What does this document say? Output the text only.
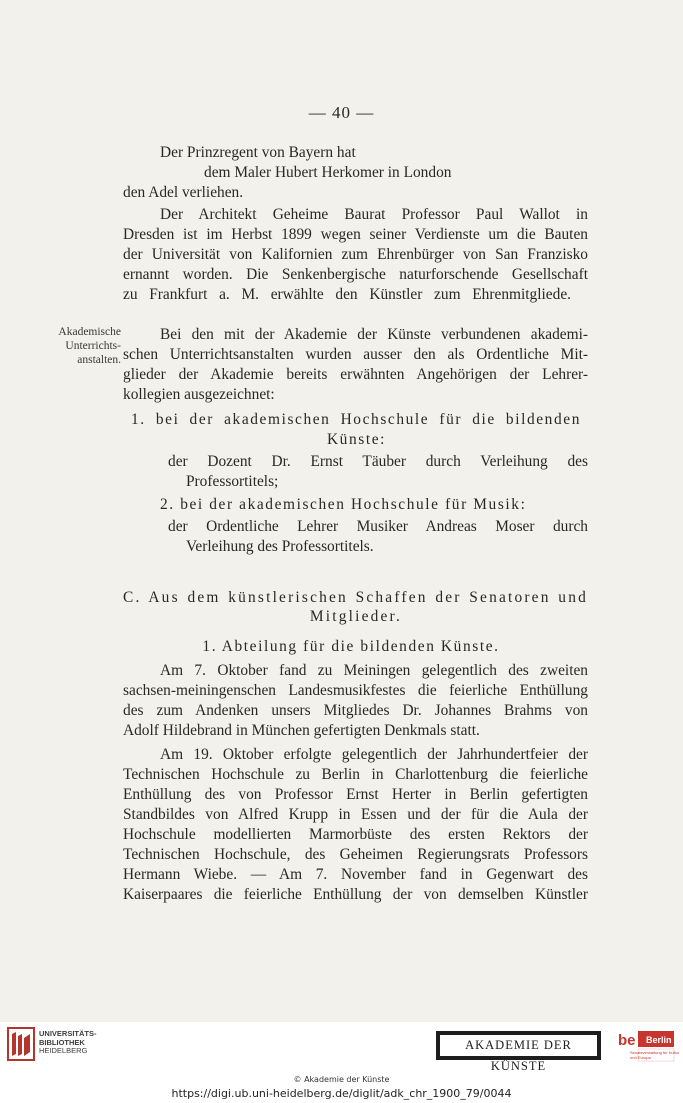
— 40 —
Der Prinzregent von Bayern hat
dem Maler Hubert Herkomer in London
den Adel verliehen.
Der Architekt Geheime Baurat Professor Paul Wallot in
Dresden ist im Herbst 1899 wegen seiner Verdienste um die Bauten
der Universität von Kalifornien zum Ehrenbürger von San Franzisko
ernannt worden. Die Senkenbergische naturforschende Gesellschaft
zu Frankfurt a. M. erwählte den Künstler zum Ehrenmitgliede.
Akademische
Unterrichts-
anstalten.
Bei den mit der Akademie der Künste verbundenen akademi-
schen Unterrichtsanstalten wurden ausser den als Ordentliche Mit-
glieder der Akademie bereits erwähnten Angehörigen der Lehrer-
kollegien ausgezeichnet:
1. bei der akademischen Hochschule für die bildenden
Künste:
der Dozent Dr. Ernst Täuber durch Verleihung des
Professortitels;
2. bei der akademischen Hochschule für Musik:
der Ordentliche Lehrer Musiker Andreas Moser durch
Verleihung des Professortitels.
C. Aus dem künstlerischen Schaffen der Senatoren und
Mitglieder.
1. Abteilung für die bildenden Künste.
Am 7. Oktober fand zu Meiningen gelegentlich des zweiten
sachsen-meiningenschen Landesmusikfestes die feierliche Enthüllung
des zum Andenken unsers Mitgliedes Dr. Johannes Brahms von
Adolf Hildebrand in München gefertigten Denkmals statt.
Am 19. Oktober erfolgte gelegentlich der Jahrhundertfeier der
Technischen Hochschule zu Berlin in Charlottenburg die feierliche
Enthüllung des von Professor Ernst Herter in Berlin gefertigten
Standbildes von Alfred Krupp in Essen und der für die Aula der
Hochschule modellierten Marmorbüste des ersten Rektors der
Technischen Hochschule, des Geheimen Regierungsrats Professors
Hermann Wiebe. — Am 7. November fand in Gegenwart des
Kaiserpaares die feierliche Enthüllung der von demselben Künstler
UNIVERSITÄTS-
BIBLIOTHEK
HEIDELBERG	AKADEMIE DER KÜNSTE
be Berlin
Senatsverwaltung für Kultur und Europa
© Akademie der Künste
https://digi.ub.uni-heidelberg.de/diglit/adk_chr_1900_79/0044
